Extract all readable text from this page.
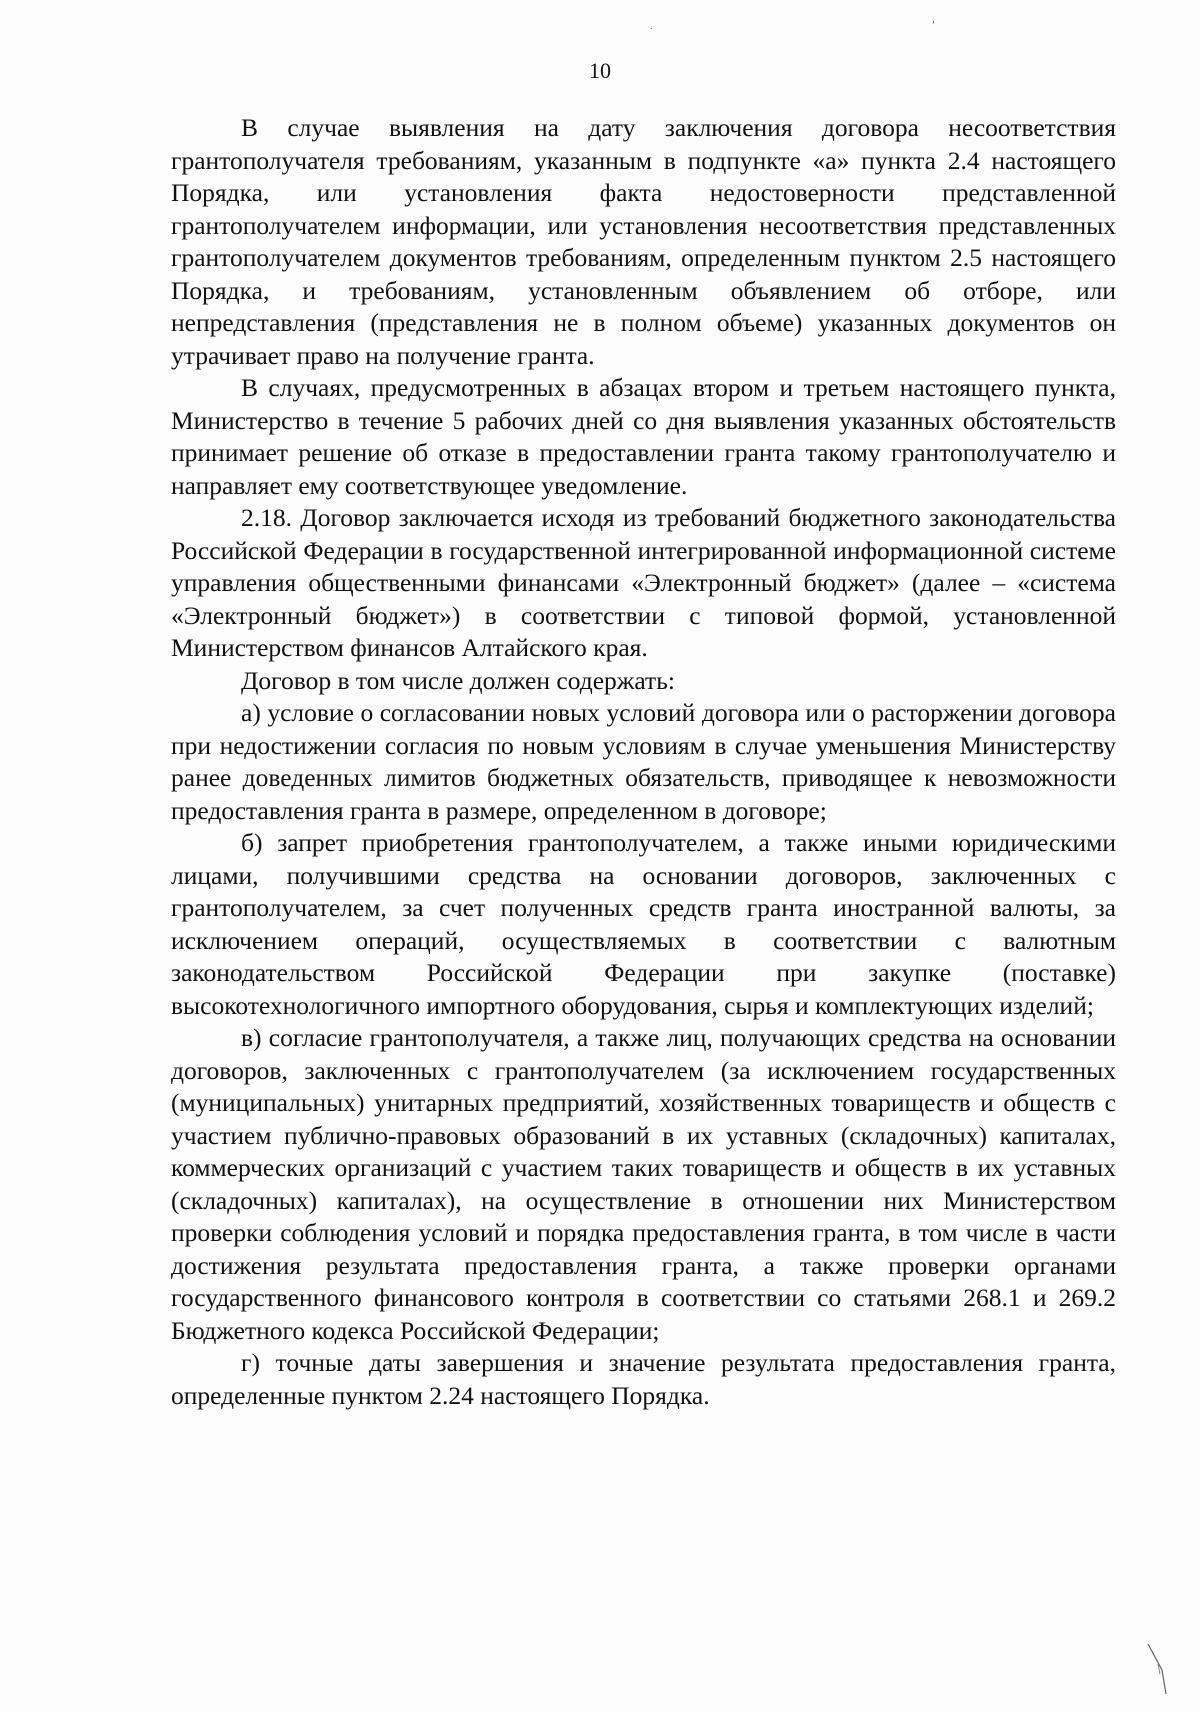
10

В случае выявления на дату заключения договора несоответствия грантополучателя требованиям, указанным в подпункте «а» пункта 2.4 настоящего Порядка, или установления факта недостоверности представленной грантополучателем информации, или установления несоответствия представленных грантополучателем документов требованиям, определенным пунктом 2.5 настоящего Порядка, и требованиям, установленным объявлением об отборе, или непредставления (представления не в полном объеме) указанных документов он утрачивает право на получение гранта.

В случаях, предусмотренных в абзацах втором и третьем настоящего пункта, Министерство в течение 5 рабочих дней со дня выявления указанных обстоятельств принимает решение об отказе в предоставлении гранта такому грантополучателю и направляет ему соответствующее уведомление.

2.18. Договор заключается исходя из требований бюджетного законодательства Российской Федерации в государственной интегрированной информационной системе управления общественными финансами «Электронный бюджет» (далее – «система «Электронный бюджет») в соответствии с типовой формой, установленной Министерством финансов Алтайского края.

Договор в том числе должен содержать:

а) условие о согласовании новых условий договора или о расторжении договора при недостижении согласия по новым условиям в случае уменьшения Министерству ранее доведенных лимитов бюджетных обязательств, приводящее к невозможности предоставления гранта в размере, определенном в договоре;

б) запрет приобретения грантополучателем, а также иными юридическими лицами, получившими средства на основании договоров, заключенных с грантополучателем, за счет полученных средств гранта иностранной валюты, за исключением операций, осуществляемых в соответствии с валютным законодательством Российской Федерации при закупке (поставке) высокотехнологичного импортного оборудования, сырья и комплектующих изделий;

в) согласие грантополучателя, а также лиц, получающих средства на основании договоров, заключенных с грантополучателем (за исключением государственных (муниципальных) унитарных предприятий, хозяйственных товариществ и обществ с участием публично-правовых образований в их уставных (складочных) капиталах, коммерческих организаций с участием таких товариществ и обществ в их уставных (складочных) капиталах), на осуществление в отношении них Министерством проверки соблюдения условий и порядка предоставления гранта, в том числе в части достижения результата предоставления гранта, а также проверки органами государственного финансового контроля в соответствии со статьями 268.1 и 269.2 Бюджетного кодекса Российской Федерации;

г) точные даты завершения и значение результата предоставления гранта, определенные пунктом 2.24 настоящего Порядка.

'
.
